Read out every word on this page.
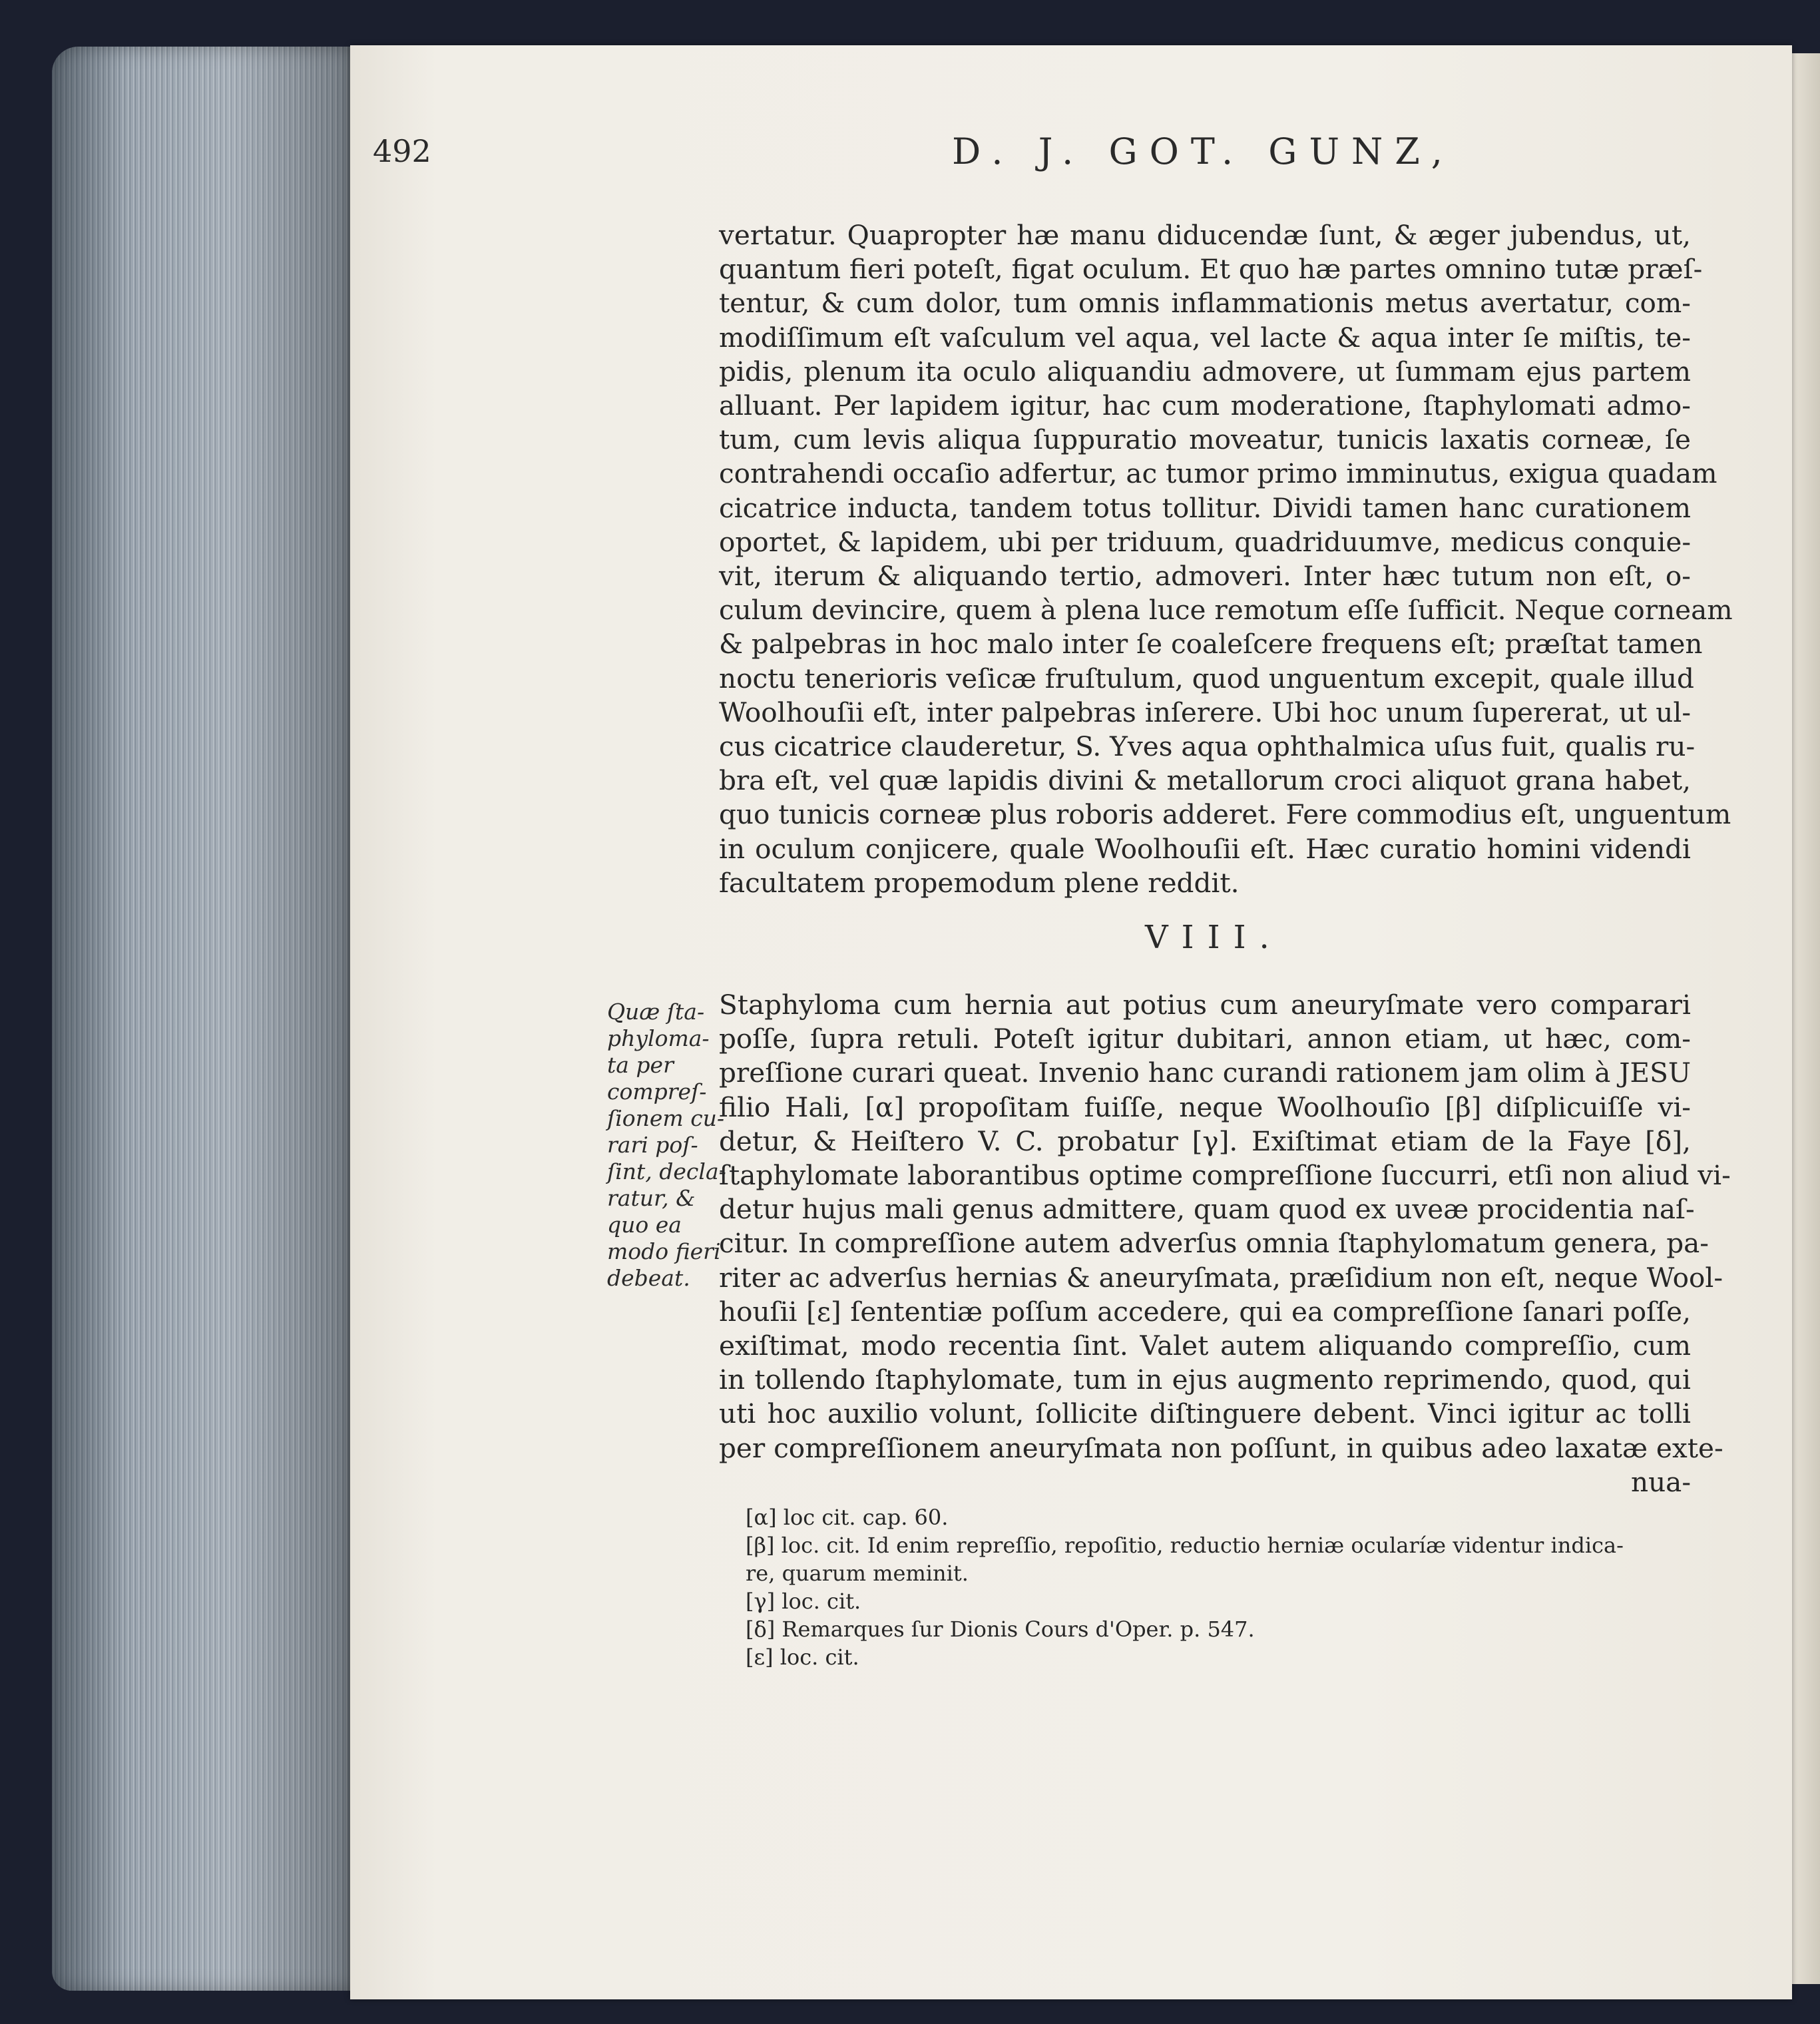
492	D. J. GOT. GUNZ,
vertatur. Quapropter hæ manu diducendæ ſunt, & æger jubendus, ut,
quantum fieri poteſt, figat oculum. Et quo hæ partes omnino tutæ præſ-
tentur, & cum dolor, tum omnis inflammationis metus avertatur, com-
modiſſimum eſt vaſculum vel aqua, vel lacte & aqua inter ſe miſtis, te-
pidis, plenum ita oculo aliquandiu admovere, ut ſummam ejus partem
alluant. Per lapidem igitur, hac cum moderatione, ſtaphylomati admo-
tum, cum levis aliqua ſuppuratio moveatur, tunicis laxatis corneæ, ſe
contrahendi occaſio adfertur, ac tumor primo imminutus, exigua quadam
cicatrice inducta, tandem totus tollitur. Dividi tamen hanc curationem
oportet, & lapidem, ubi per triduum, quadriduumve, medicus conquie-
vit, iterum & aliquando tertio, admoveri. Inter hæc tutum non eſt, o-
culum devincire, quem à plena luce remotum eſſe ſufficit. Neque corneam
& palpebras in hoc malo inter ſe coaleſcere frequens eſt; præſtat tamen
noctu tenerioris veſicæ fruſtulum, quod unguentum excepit, quale illud
Woolhouſii eſt, inter palpebras inſerere. Ubi hoc unum ſupererat, ut ul-
cus cicatrice clauderetur, S. Yves aqua ophthalmica uſus fuit, qualis ru-
bra eſt, vel quæ lapidis divini & metallorum croci aliquot grana habet,
quo tunicis corneæ plus roboris adderet. Fere commodius eſt, unguentum
in oculum conjicere, quale Woolhouſii eſt. Hæc curatio homini videndi
facultatem propemodum plene reddit.
VIII.
Quæ ſta-
phyloma-
ta per
compreſ-
ſionem cu-
rari poſ-
ſint, decla-
ratur, &
quo ea
modo fieri
debeat.
Staphyloma cum hernia aut potius cum aneuryſmate vero comparari
poſſe, ſupra retuli. Poteſt igitur dubitari, annon etiam, ut hæc, com-
preſſione curari queat. Invenio hanc curandi rationem jam olim à JESU
filio Hali, [α] propoſitam fuiſſe, neque Woolhouſio [β] diſplicuiſſe vi-
detur, & Heiſtero V. C. probatur [γ]. Exiſtimat etiam de la Faye [δ],
ſtaphylomate laborantibus optime compreſſione ſuccurri, etſi non aliud vi-
detur hujus mali genus admittere, quam quod ex uveæ procidentia naſ-
citur. In compreſſione autem adverſus omnia ſtaphylomatum genera, pa-
riter ac adverſus hernias & aneuryſmata, præſidium non eſt, neque Wool-
houſii [ε] ſententiæ poſſum accedere, qui ea compreſſione ſanari poſſe,
exiſtimat, modo recentia ſint. Valet autem aliquando compreſſio, cum
in tollendo ſtaphylomate, tum in ejus augmento reprimendo, quod, qui
uti hoc auxilio volunt, ſollicite diſtinguere debent. Vinci igitur ac tolli
per compreſſionem aneuryſmata non poſſunt, in quibus adeo laxatæ exte-
nua-
[α] loc cit. cap. 60.
[β] loc. cit. Id enim repreſſio, repoſitio, reductio herniæ ocularíæ videntur indica-
re, quarum meminit.
[γ] loc. cit.
[δ] Remarques ſur Dionis Cours d'Oper. p. 547.
[ε] loc. cit.
